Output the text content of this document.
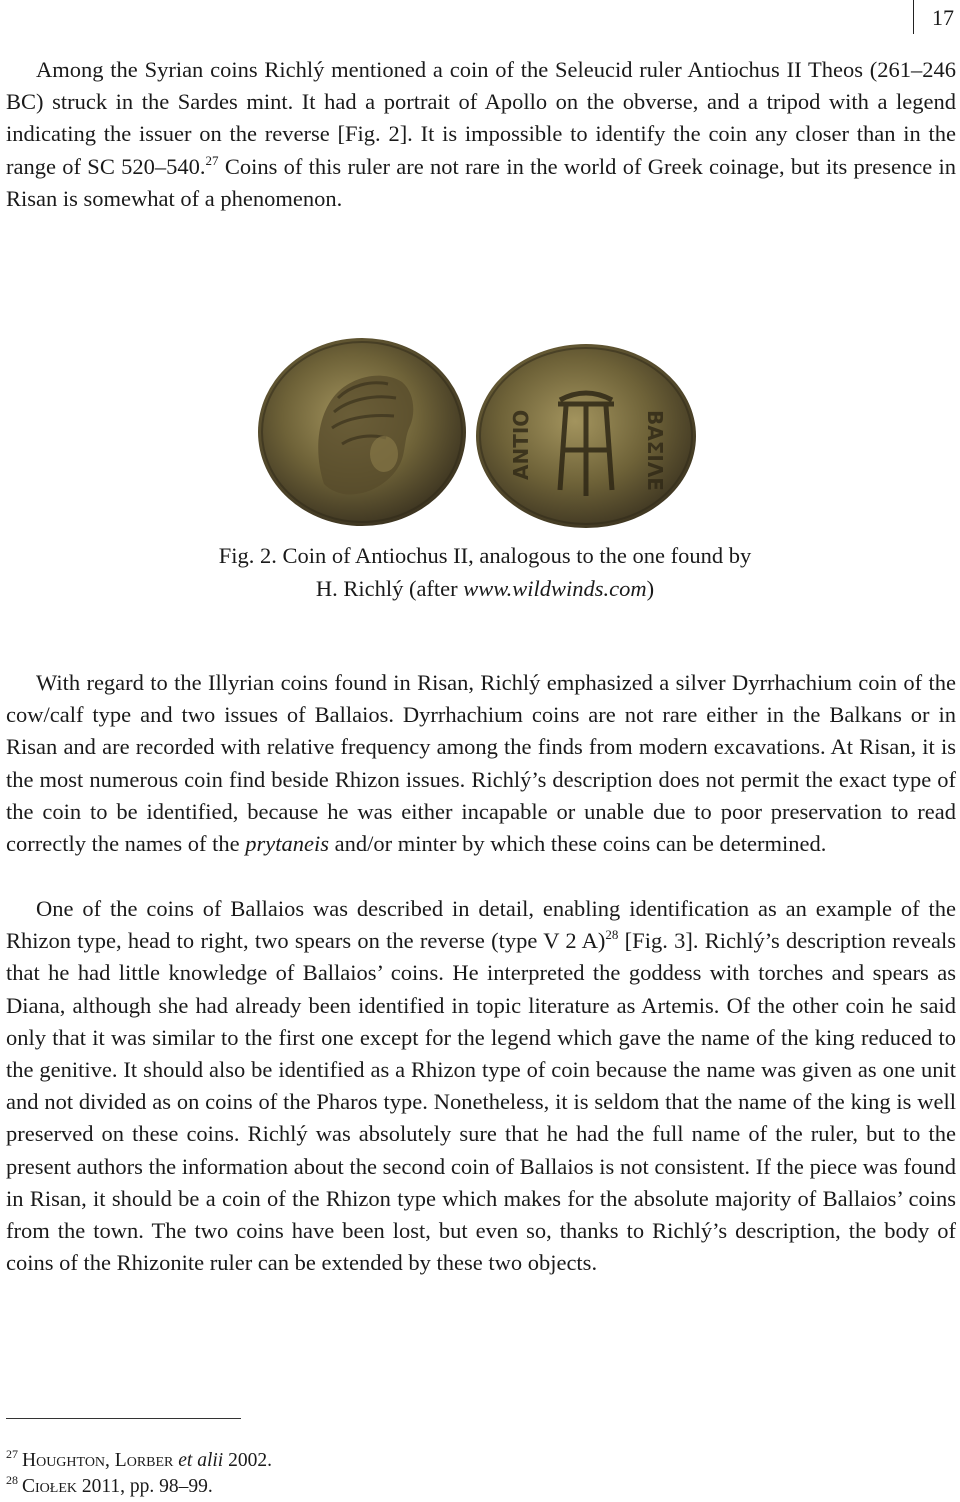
17

Among the Syrian coins Richlý mentioned a coin of the Seleucid ruler Antiochus II Theos (261–246 BC) struck in the Sardes mint. It had a portrait of Apollo on the obverse, and a tripod with a legend indicating the issuer on the reverse [Fig. 2]. It is impossible to identify the coin any closer than in the range of SC 520–540.27 Coins of this ruler are not rare in the world of Greek coinage, but its presence in Risan is somewhat of a phenomenon.

ΒΑΣΙΛΕ
ΑΝΤΙΟ

Fig. 2. Coin of Antiochus II, analogous to the one found by

H. Richlý (after www.wildwinds.com)

With regard to the Illyrian coins found in Risan, Richlý emphasized a silver Dyrrhachium coin of the cow/calf type and two issues of Ballaios. Dyrrhachium coins are not rare either in the Balkans or in Risan and are recorded with relative frequency among the finds from modern excavations. At Risan, it is the most numerous coin find beside Rhizon issues. Richlý’s description does not permit the exact type of the coin to be identified, because he was either incapable or unable due to poor preservation to read correctly the names of the prytaneis and/or minter by which these coins can be determined.

One of the coins of Ballaios was described in detail, enabling identification as an example of the Rhizon type, head to right, two spears on the reverse (type V 2 A)$^{28}$ [Fig. 3]. Richlý’s description reveals that he had little knowledge of Ballaios’ coins. He interpreted the goddess with torches and spears as Diana, although she had already been identified in topic literature as Artemis. Of the other coin he said only that it was similar to the first one except for the legend which gave the name of the king reduced to the genitive. It should also be identified as a Rhizon type of coin because the name was given as one unit and not divided as on coins of the Pharos type. Nonetheless, it is seldom that the name of the king is well preserved on these coins. Richlý was absolutely sure that he had the full name of the ruler, but to the present authors the information about the second coin of Ballaios is not consistent. If the piece was found in Risan, it should be a coin of the Rhizon type which makes for the absolute majority of Ballaios’ coins from the town. The two coins have been lost, but even so, thanks to Richlý’s description, the body of coins of the Rhizonite ruler can be extended by these two objects.

$^{27}$ Houghton, Lorber et alii 2002.

$^{28}$ Ciołek 2011, pp. 98–99.
